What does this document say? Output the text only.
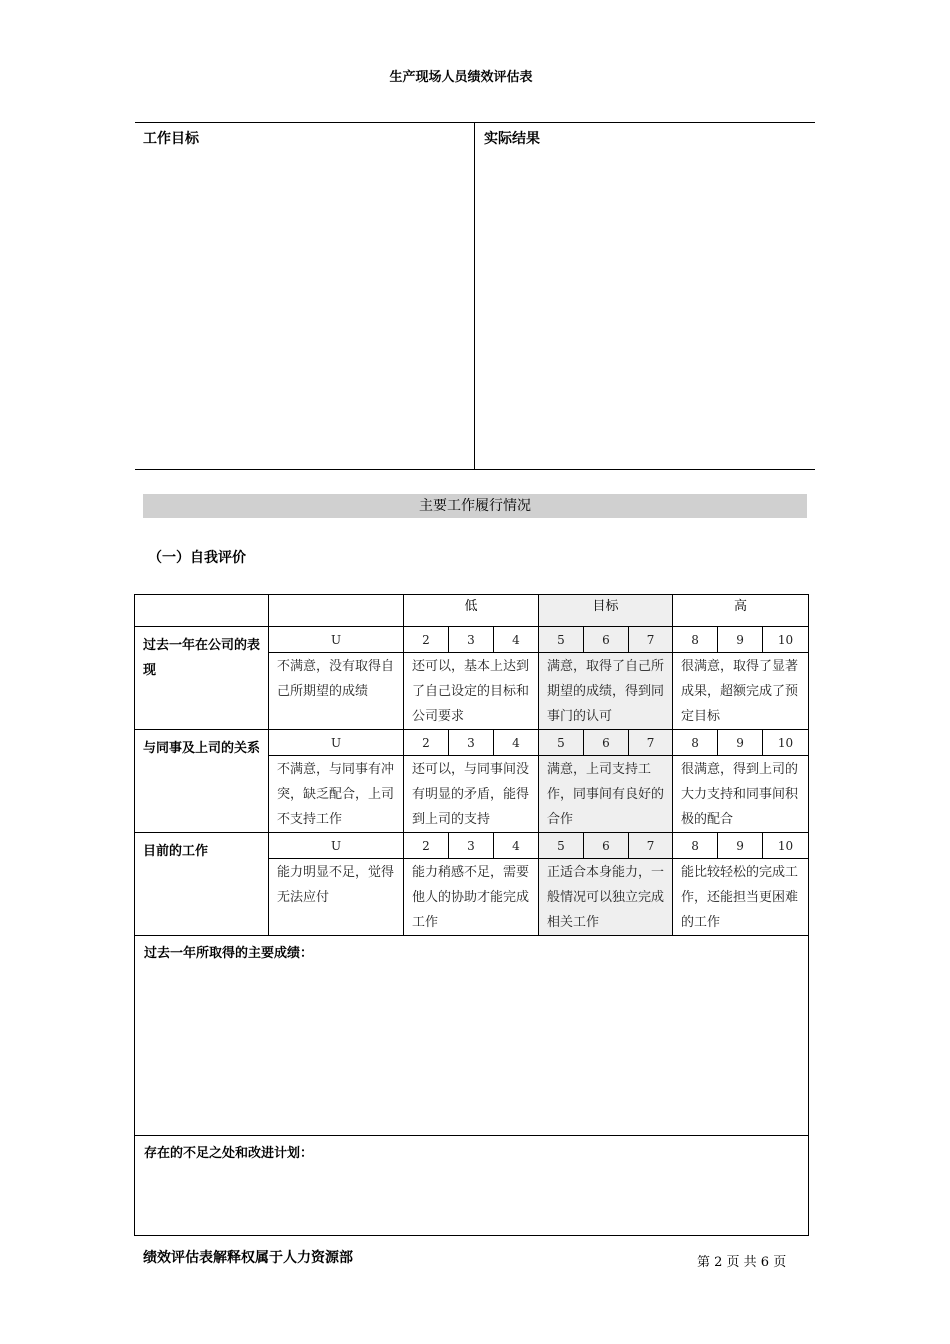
生产现场人员绩效评估表
工作目标	实际结果
主要工作履行情况
（一）自我评价
		低			目标			高		
过去一年在公司的表现	U	2	3	4	5	6	7	8	9	10
	不满意，没有取得自己所期望的成绩	还可以，基本上达到了自己设定的目标和公司要求			满意，取得了自己所期望的成绩，得到同事门的认可			很满意，取得了显著成果，超额完成了预定目标		
与同事及上司的关系	U	2	3	4	5	6	7	8	9	10
	不满意，与同事有冲突，缺乏配合，上司不支持工作	还可以，与同事间没有明显的矛盾，能得到上司的支持			满意，上司支持工作，同事间有良好的合作			很满意，得到上司的大力支持和同事间积极的配合		
目前的工作	U	2	3	4	5	6	7	8	9	10
	能力明显不足，觉得无法应付	能力稍感不足，需要他人的协助才能完成工作			正适合本身能力，一般情况可以独立完成相关工作			能比较轻松的完成工作，还能担当更困难的工作		
过去一年所取得的主要成绩：										
存在的不足之处和改进计划：										
绩效评估表解释权属于人力资源部	第 2 页 共 6 页
